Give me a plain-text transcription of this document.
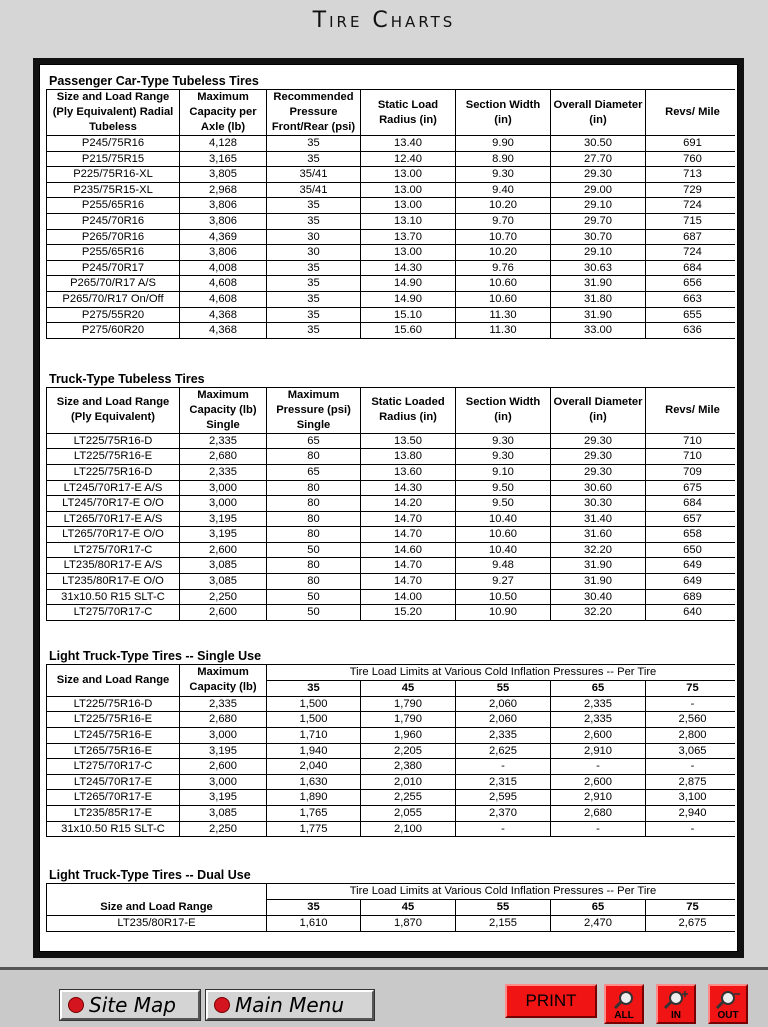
Tire Charts
Passenger Car-Type Tubeless Tires
Size and Load Range (Ply Equivalent) Radial Tubeless	Maximum Capacity per Axle (lb)	Recommended Pressure Front/Rear (psi)	Static Load Radius (in)	Section Width (in)	Overall Diameter (in)	Revs/ Mile
P245/75R16	4,128	35	13.40	9.90	30.50	691
P215/75R15	3,165	35	12.40	8.90	27.70	760
P225/75R16-XL	3,805	35/41	13.00	9.30	29.30	713
P235/75R15-XL	2,968	35/41	13.00	9.40	29.00	729
P255/65R16	3,806	35	13.00	10.20	29.10	724
P245/70R16	3,806	35	13.10	9.70	29.70	715
P265/70R16	4,369	30	13.70	10.70	30.70	687
P255/65R16	3,806	30	13.00	10.20	29.10	724
P245/70R17	4,008	35	14.30	9.76	30.63	684
P265/70/R17 A/S	4,608	35	14.90	10.60	31.90	656
P265/70/R17 On/Off	4,608	35	14.90	10.60	31.80	663
P275/55R20	4,368	35	15.10	11.30	31.90	655
P275/60R20	4,368	35	15.60	11.30	33.00	636
Truck-Type Tubeless Tires
Size and Load Range (Ply Equivalent)	Maximum Capacity (lb) Single	Maximum Pressure (psi) Single	Static Loaded Radius (in)	Section Width (in)	Overall Diameter (in)	Revs/ Mile
LT225/75R16-D	2,335	65	13.50	9.30	29.30	710
LT225/75R16-E	2,680	80	13.80	9.30	29.30	710
LT225/75R16-D	2,335	65	13.60	9.10	29.30	709
LT245/70R17-E A/S	3,000	80	14.30	9.50	30.60	675
LT245/70R17-E O/O	3,000	80	14.20	9.50	30.30	684
LT265/70R17-E A/S	3,195	80	14.70	10.40	31.40	657
LT265/70R17-E O/O	3,195	80	14.70	10.60	31.60	658
LT275/70R17-C	2,600	50	14.60	10.40	32.20	650
LT235/80R17-E A/S	3,085	80	14.70	9.48	31.90	649
LT235/80R17-E O/O	3,085	80	14.70	9.27	31.90	649
31x10.50 R15 SLT-C	2,250	50	14.00	10.50	30.40	689
LT275/70R17-C	2,600	50	15.20	10.90	32.20	640
Light Truck-Type Tires -- Single Use
Size and Load Range	Maximum Capacity (lb)	Tire Load Limits at Various Cold Inflation Pressures -- Per Tire				
		35	45	55	65	75
LT225/75R16-D	2,335	1,500	1,790	2,060	2,335	-
LT225/75R16-E	2,680	1,500	1,790	2,060	2,335	2,560
LT245/75R16-E	3,000	1,710	1,960	2,335	2,600	2,800
LT265/75R16-E	3,195	1,940	2,205	2,625	2,910	3,065
LT275/70R17-C	2,600	2,040	2,380	-	-	-
LT245/70R17-E	3,000	1,630	2,010	2,315	2,600	2,875
LT265/70R17-E	3,195	1,890	2,255	2,595	2,910	3,100
LT235/85R17-E	3,085	1,765	2,055	2,370	2,680	2,940
31x10.50 R15 SLT-C	2,250	1,775	2,100	-	-	-
Light Truck-Type Tires -- Dual Use
	Tire Load Limits at Various Cold Inflation Pressures -- Per Tire				
Size and Load Range	35	45	55	65	75
LT235/80R17-E	1,610	1,870	2,155	2,470	2,675
Site Map	Main Menu	PRINT
ALL	IN	OUT
